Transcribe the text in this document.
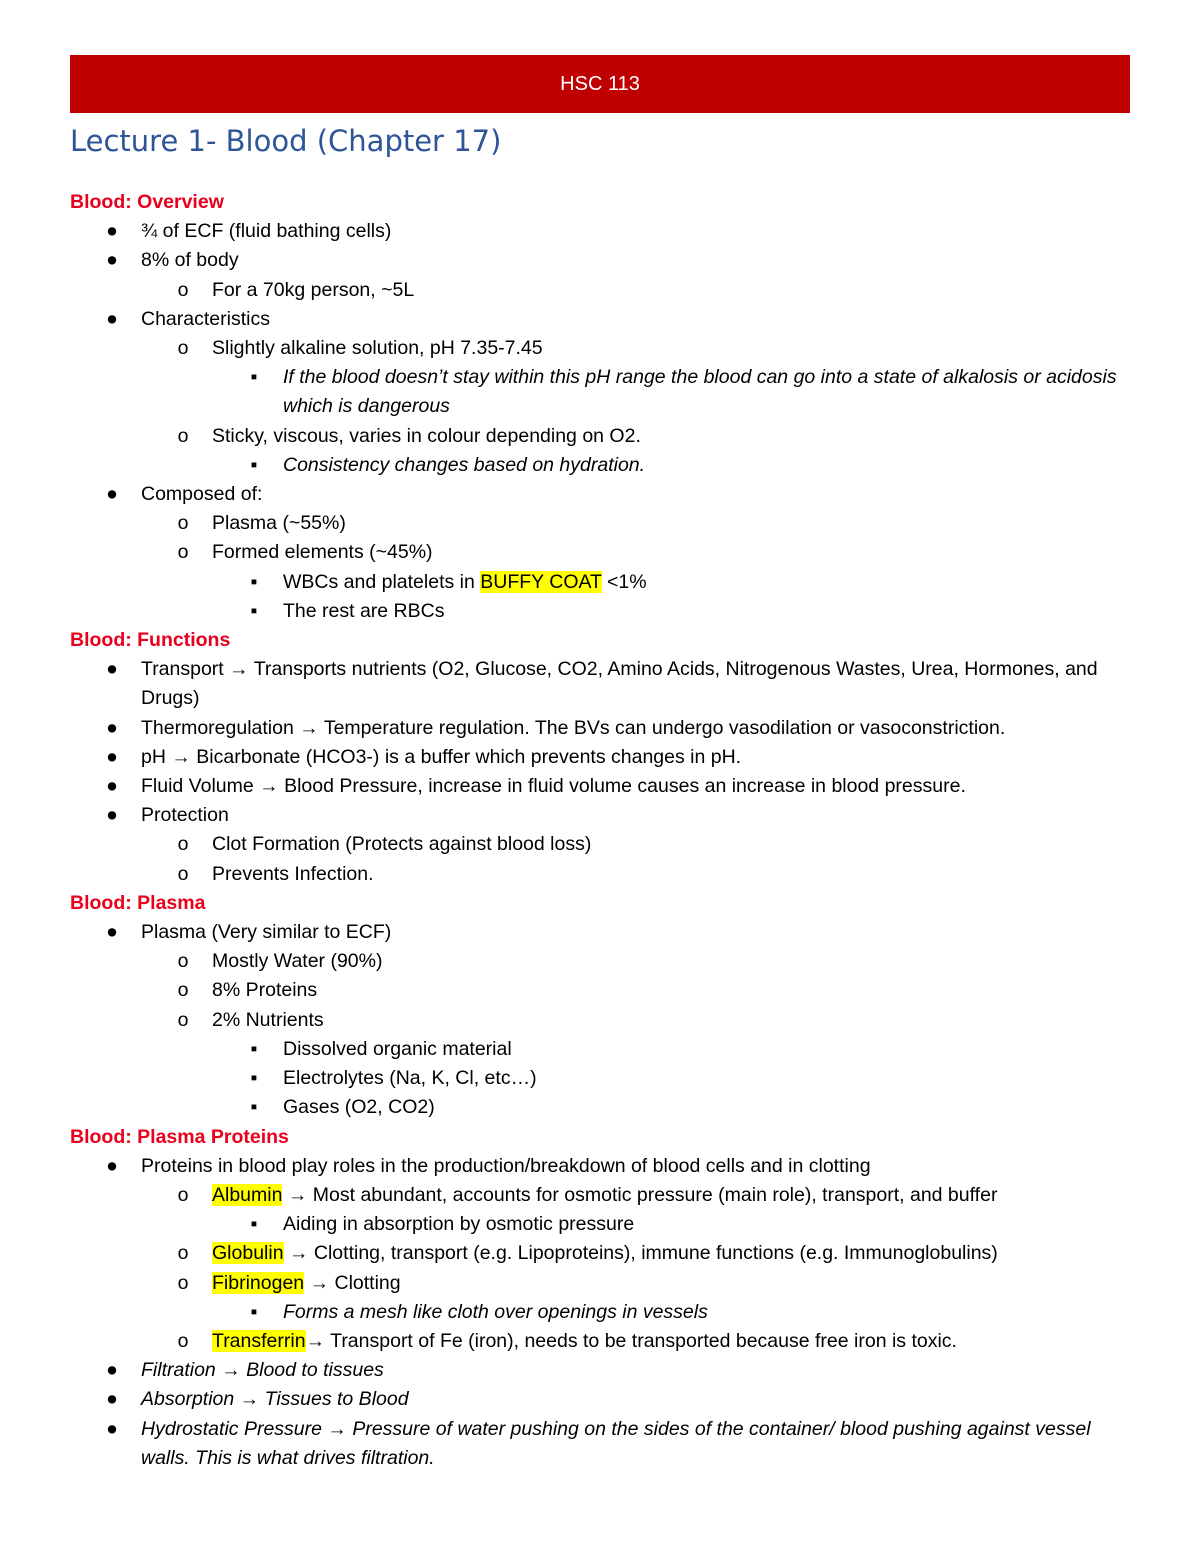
HSC 113
Lecture 1- Blood (Chapter 17)
Blood: Overview
●	¾ of ECF (fluid bathing cells)
●	8% of body
o	For a 70kg person, ~5L
●	Characteristics
o	Slightly alkaline solution, pH 7.35-7.45
▪	If the blood doesn’t stay within this pH range the blood can go into a state of alkalosis or acidosis which is dangerous
o	Sticky, viscous, varies in colour depending on O2.
▪	Consistency changes based on hydration.
●	Composed of:
o	Plasma (~55%)
o	Formed elements (~45%)
▪	WBCs and platelets in BUFFY COAT <1%
▪	The rest are RBCs
Blood: Functions
●	Transport → Transports nutrients (O2, Glucose, CO2, Amino Acids, Nitrogenous Wastes, Urea, Hormones, and Drugs)
●	Thermoregulation → Temperature regulation. The BVs can undergo vasodilation or vasoconstriction.
●	pH → Bicarbonate (HCO3-) is a buffer which prevents changes in pH.
●	Fluid Volume → Blood Pressure, increase in fluid volume causes an increase in blood pressure.
●	Protection
o	Clot Formation (Protects against blood loss)
o	Prevents Infection.
Blood: Plasma
●	Plasma (Very similar to ECF)
o	Mostly Water (90%)
o	8% Proteins
o	2% Nutrients
▪	Dissolved organic material
▪	Electrolytes (Na, K, Cl, etc…)
▪	Gases (O2, CO2)
Blood: Plasma Proteins
●	Proteins in blood play roles in the production/breakdown of blood cells and in clotting
o	Albumin → Most abundant, accounts for osmotic pressure (main role), transport, and buffer
▪	Aiding in absorption by osmotic pressure
o	Globulin → Clotting, transport (e.g. Lipoproteins), immune functions (e.g. Immunoglobulins)
o	Fibrinogen → Clotting
▪	Forms a mesh like cloth over openings in vessels
o	Transferrin→ Transport of Fe (iron), needs to be transported because free iron is toxic.
●	Filtration → Blood to tissues
●	Absorption → Tissues to Blood
●	Hydrostatic Pressure → Pressure of water pushing on the sides of the container/ blood pushing against vessel walls. This is what drives filtration.
